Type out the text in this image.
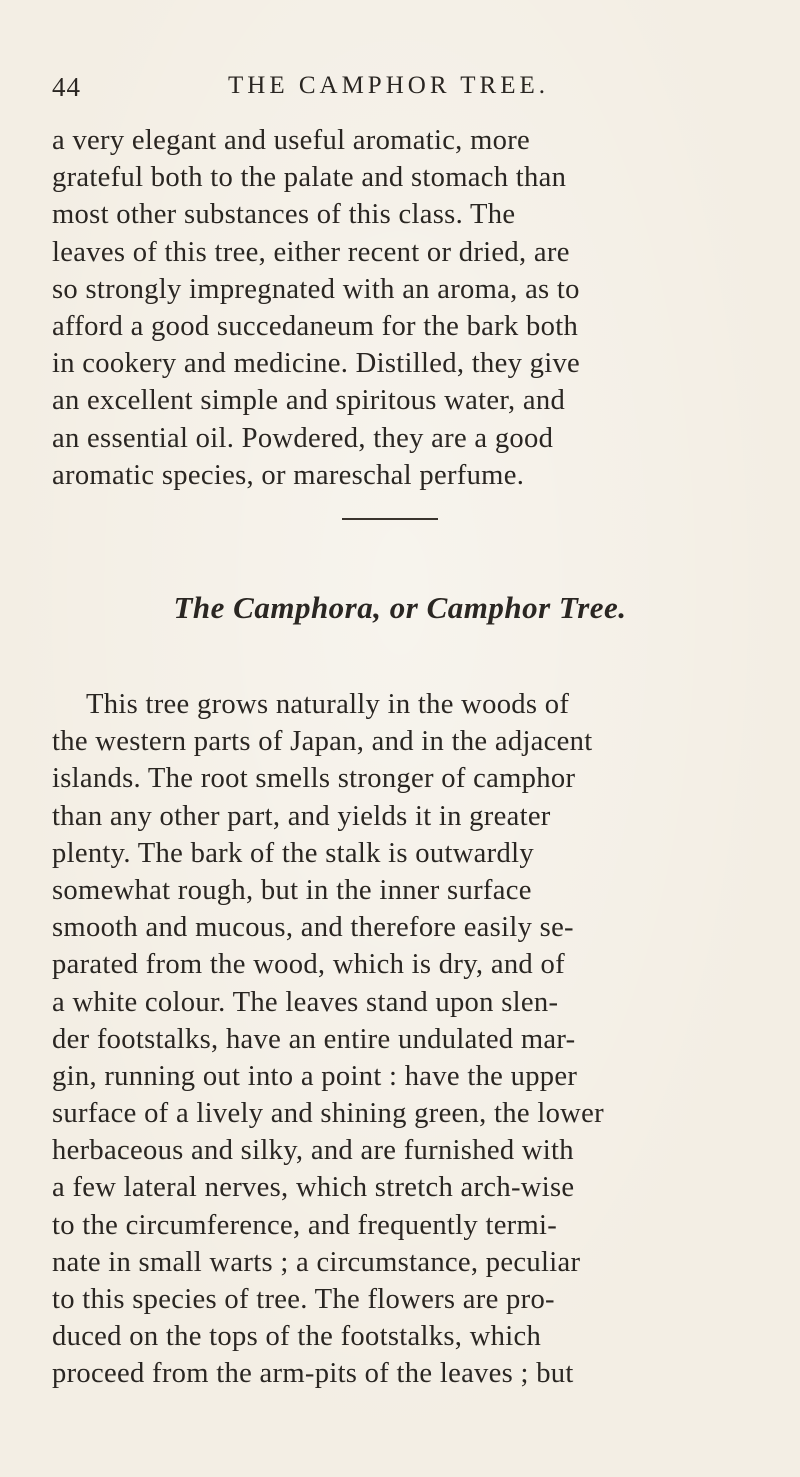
44	THE CAMPHOR TREE.
a very elegant and useful aromatic, more
grateful both to the palate and stomach than
most other substances of this class. The
leaves of this tree, either recent or dried, are
so strongly impregnated with an aroma, as to
afford a good succedaneum for the bark both
in cookery and medicine. Distilled, they give
an excellent simple and spiritous water, and
an essential oil. Powdered, they are a good
aromatic species, or mareschal perfume.
The Camphora, or Camphor Tree.
This tree grows naturally in the woods of
the western parts of Japan, and in the adjacent
islands. The root smells stronger of camphor
than any other part, and yields it in greater
plenty. The bark of the stalk is outwardly
somewhat rough, but in the inner surface
smooth and mucous, and therefore easily se-
parated from the wood, which is dry, and of
a white colour. The leaves stand upon slen-
der footstalks, have an entire undulated mar-
gin, running out into a point : have the upper
surface of a lively and shining green, the lower
herbaceous and silky, and are furnished with
a few lateral nerves, which stretch arch-wise
to the circumference, and frequently termi-
nate in small warts ; a circumstance, peculiar
to this species of tree. The flowers are pro-
duced on the tops of the footstalks, which
proceed from the arm-pits of the leaves ; but
